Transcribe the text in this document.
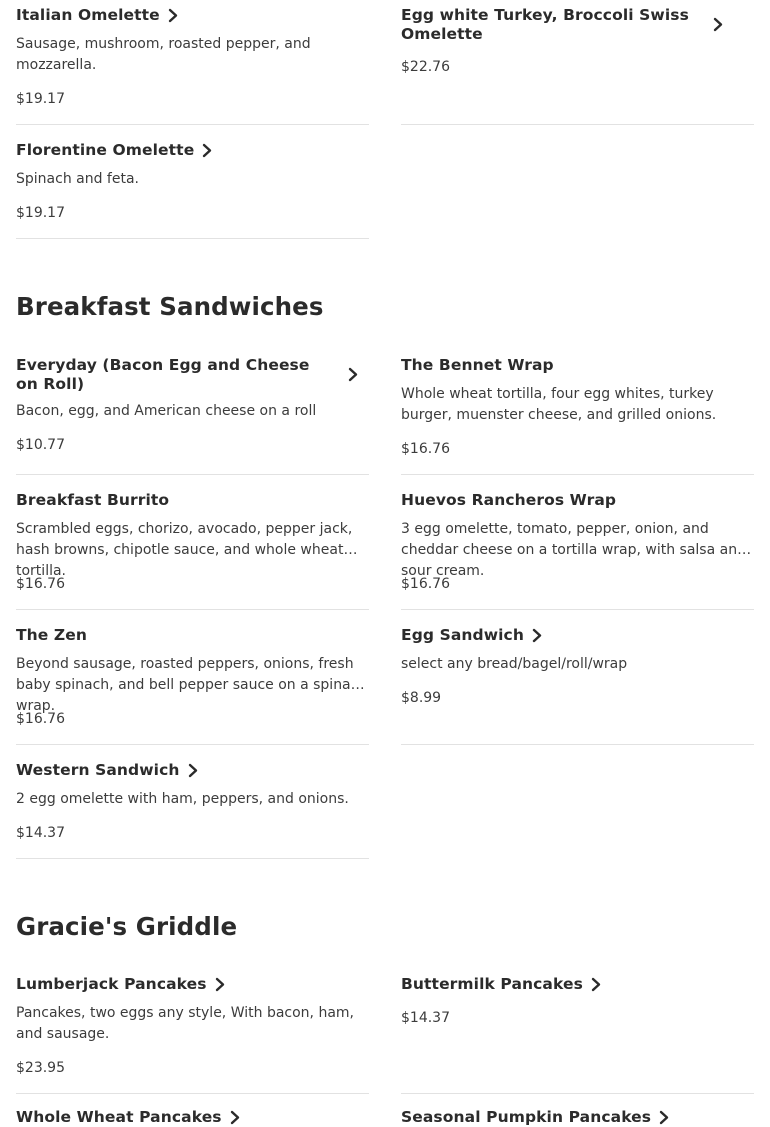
Italian Omelette
Sausage, mushroom, roasted pepper, and mozzarella.
$19.17
Egg white Turkey, Broccoli Swiss Omelette
$22.76
Florentine Omelette
Spinach and feta.
$19.17
Breakfast Sandwiches
Everyday (Bacon Egg and Cheese on Roll)
Bacon, egg, and American cheese on a roll
$10.77
The Bennet Wrap
Whole wheat tortilla, four egg whites, turkey burger, muenster cheese, and grilled onions.
$16.76
Breakfast Burrito
Scrambled eggs, chorizo, avocado, pepper jack, hash browns, chipotle sauce, and whole wheat tortilla.
$16.76
Huevos Rancheros Wrap
3 egg omelette, tomato, pepper, onion, and cheddar cheese on a tortilla wrap, with salsa and sour cream.
$16.76
The Zen
Beyond sausage, roasted peppers, onions, fresh baby spinach, and bell pepper sauce on a spinach wrap.
$16.76
Egg Sandwich
select any bread/bagel/roll/wrap
$8.99
Western Sandwich
2 egg omelette with ham, peppers, and onions.
$14.37
Gracie's Griddle
Lumberjack Pancakes
Pancakes, two eggs any style, With bacon, ham, and sausage.
$23.95
Buttermilk Pancakes
$14.37
Whole Wheat Pancakes	Seasonal Pumpkin Pancakes
